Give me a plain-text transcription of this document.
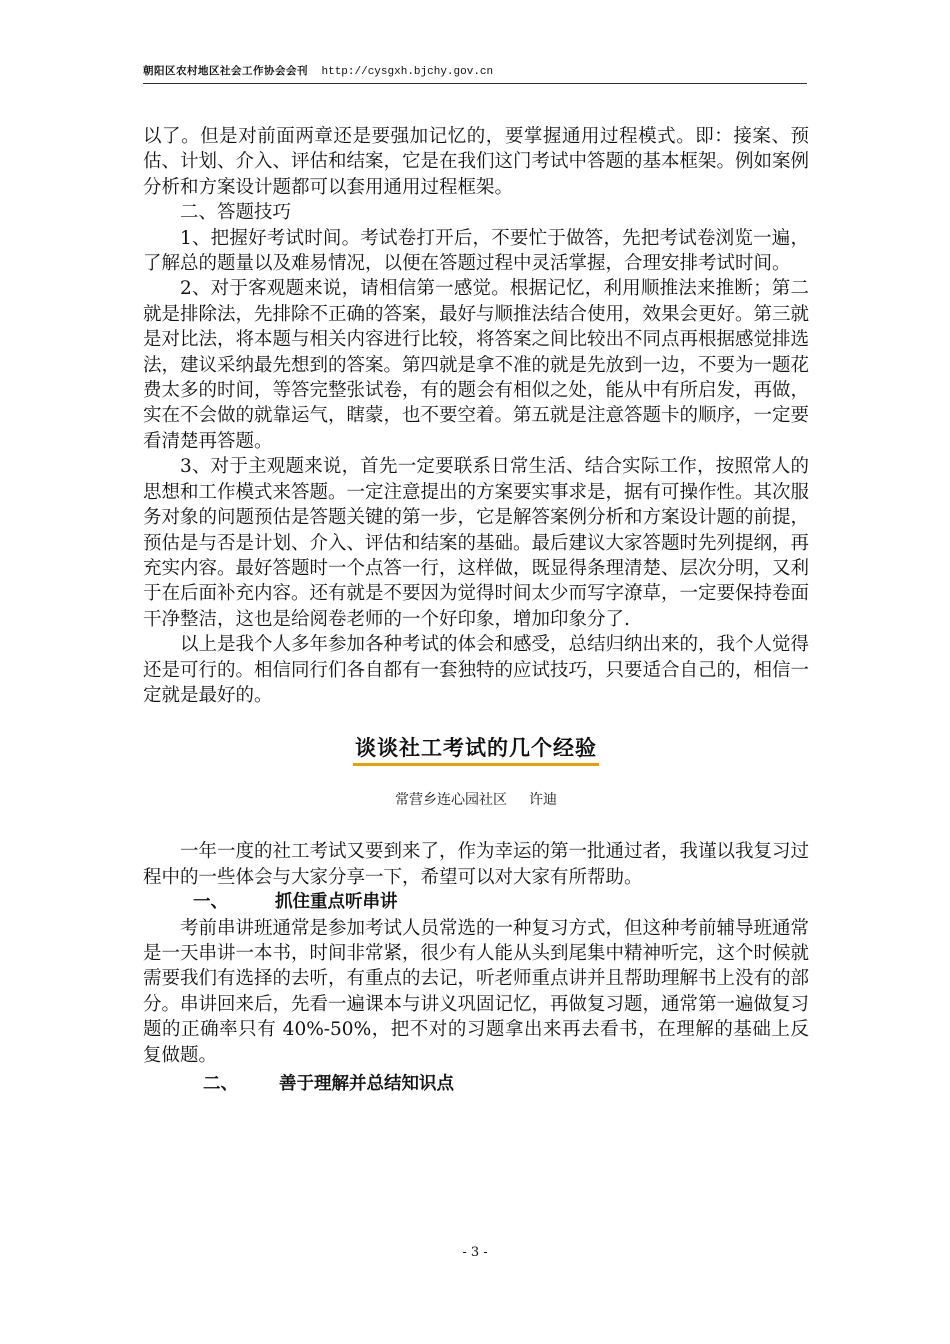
朝阳区农村地区社会工作协会会刊 http://cysgxh.bjchy.gov.cn

以了。但是对前面两章还是要强加记忆的，要掌握通用过程模式。即：接案、预估、计划、介入、评估和结案，它是在我们这门考试中答题的基本框架。例如案例分析和方案设计题都可以套用通用过程框架。

二、答题技巧

1、把握好考试时间。考试卷打开后，不要忙于做答，先把考试卷浏览一遍，了解总的题量以及难易情况，以便在答题过程中灵活掌握，合理安排考试时间。

2、对于客观题来说，请相信第一感觉。根据记忆，利用顺推法来推断；第二就是排除法，先排除不正确的答案，最好与顺推法结合使用，效果会更好。第三就是对比法，将本题与相关内容进行比较，将答案之间比较出不同点再根据感觉排选法，建议采纳最先想到的答案。第四就是拿不准的就是先放到一边，不要为一题花费太多的时间，等答完整张试卷，有的题会有相似之处，能从中有所启发，再做，实在不会做的就靠运气，瞎蒙，也不要空着。第五就是注意答题卡的顺序，一定要看清楚再答题。

3、对于主观题来说，首先一定要联系日常生活、结合实际工作，按照常人的思想和工作模式来答题。一定注意提出的方案要实事求是，据有可操作性。其次服务对象的问题预估是答题关键的第一步，它是解答案例分析和方案设计题的前提，预估是与否是计划、介入、评估和结案的基础。最后建议大家答题时先列提纲，再充实内容。最好答题时一个点答一行，这样做，既显得条理清楚、层次分明，又利于在后面补充内容。还有就是不要因为觉得时间太少而写字潦草，一定要保持卷面干净整洁，这也是给阅卷老师的一个好印象，增加印象分了.

以上是我个人多年参加各种考试的体会和感受，总结归纳出来的，我个人觉得还是可行的。相信同行们各自都有一套独特的应试技巧，只要适合自己的，相信一定就是最好的。

谈谈社工考试的几个经验
常营乡连心园社区 许迪

一年一度的社工考试又要到来了，作为幸运的第一批通过者，我谨以我复习过程中的一些体会与大家分享一下，希望可以对大家有所帮助。

一、	抓住重点听串讲

考前串讲班通常是参加考试人员常选的一种复习方式，但这种考前辅导班通常是一天串讲一本书，时间非常紧，很少有人能从头到尾集中精神听完，这个时候就需要我们有选择的去听，有重点的去记，听老师重点讲并且帮助理解书上没有的部分。串讲回来后，先看一遍课本与讲义巩固记忆，再做复习题，通常第一遍做复习题的正确率只有 40%-50%，把不对的习题拿出来再去看书，在理解的基础上反复做题。

二、 善于理解并总结知识点

- 3 -
